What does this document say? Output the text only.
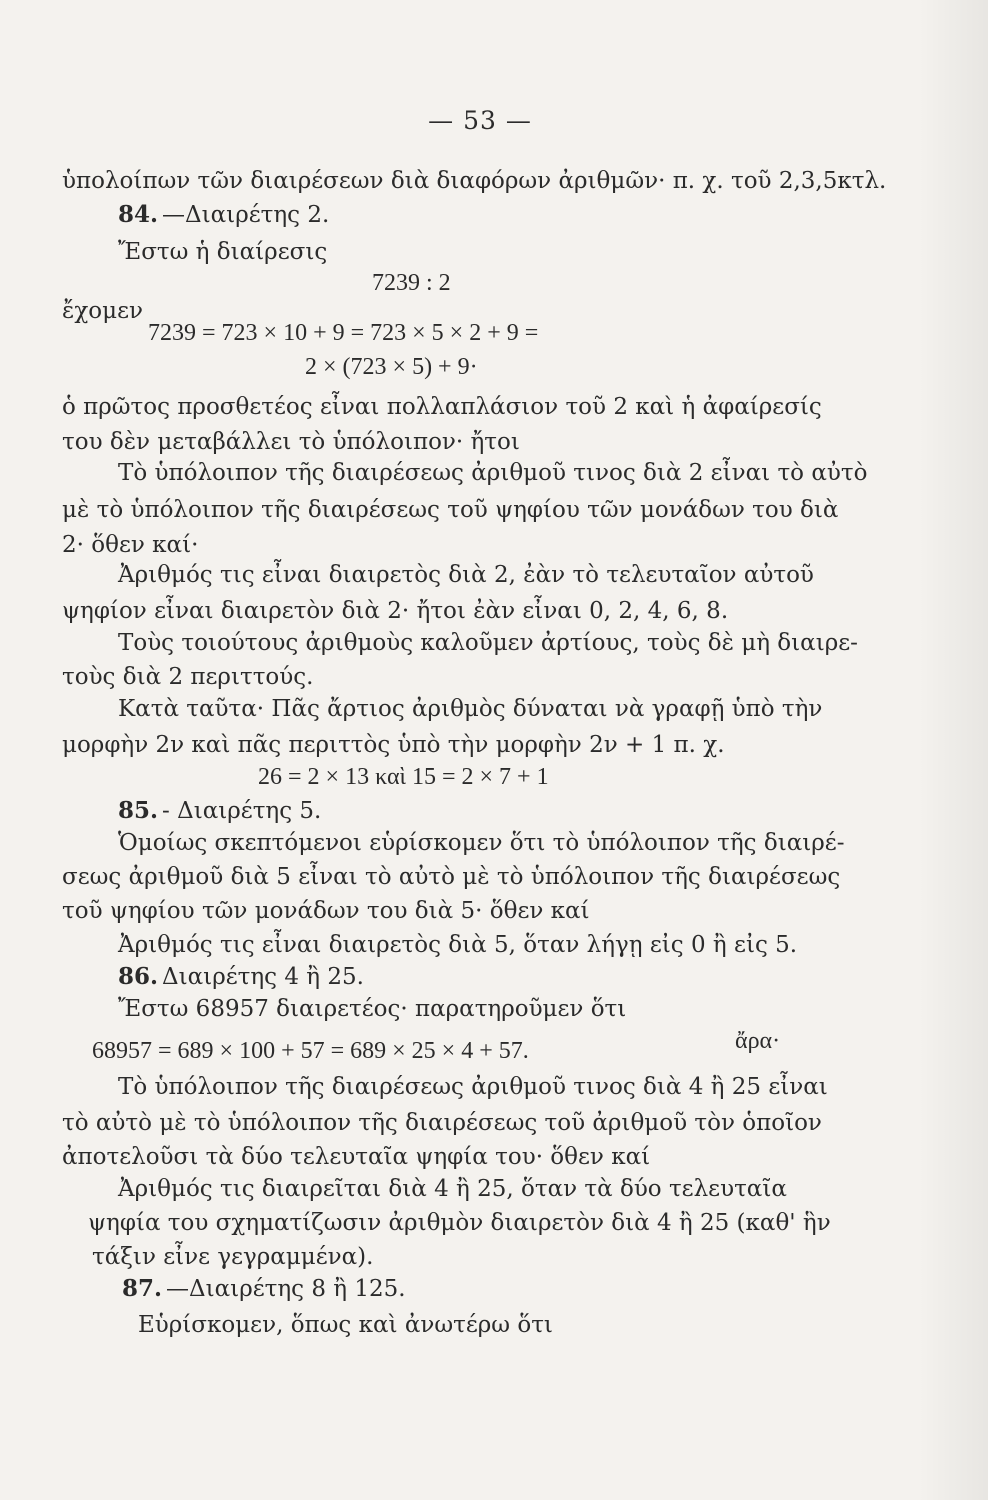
— 53 —
ὑπολοίπων τῶν διαιρέσεων διὰ διαφόρων ἀριθμῶν· π. χ. τοῦ 2,3,5κτλ.
84. —Διαιρέτης 2.
Ἔστω ἡ διαίρεσις
7239 : 2
ἔχομεν
7239 = 723 × 10 + 9 = 723 × 5 × 2 + 9 =
2 × (723 × 5) + 9·
ὁ πρῶτος προσθετέος εἶναι πολλαπλάσιον τοῦ 2 καὶ ἡ ἀφαίρεσίς
του δὲν μεταβάλλει τὸ ὑπόλοιπον· ἤτοι
Τὸ ὑπόλοιπον τῆς διαιρέσεως ἀριθμοῦ τινος διὰ 2 εἶναι τὸ αὐτὸ
μὲ τὸ ὑπόλοιπον τῆς διαιρέσεως τοῦ ψηφίου τῶν μονάδων του διὰ
2· ὅθεν καί·
Ἀριθμός τις εἶναι διαιρετὸς διὰ 2, ἐὰν τὸ τελευταῖον αὐτοῦ
ψηφίον εἶναι διαιρετὸν διὰ 2· ἤτοι ἐὰν εἶναι 0, 2, 4, 6, 8.
Τοὺς τοιούτους ἀριθμοὺς καλοῦμεν ἀρτίους, τοὺς δὲ μὴ διαιρε-
τοὺς διὰ 2 περιττούς.
Κατὰ ταῦτα· Πᾶς ἄρτιος ἀριθμὸς δύναται νὰ γραφῇ ὑπὸ τὴν
μορφὴν 2ν καὶ πᾶς περιττὸς ὑπὸ τὴν μορφὴν 2ν + 1 π. χ.
26 = 2 × 13 καὶ 15 = 2 × 7 + 1
85. - Διαιρέτης 5.
Ὁμοίως σκεπτόμενοι εὑρίσκομεν ὅτι τὸ ὑπόλοιπον τῆς διαιρέ-
σεως ἀριθμοῦ διὰ 5 εἶναι τὸ αὐτὸ μὲ τὸ ὑπόλοιπον τῆς διαιρέσεως
τοῦ ψηφίου τῶν μονάδων του διὰ 5· ὅθεν καί
Ἀριθμός τις εἶναι διαιρετὸς διὰ 5, ὅταν λήγῃ εἰς 0 ἢ εἰς 5.
86. Διαιρέτης 4 ἢ 25.
Ἔστω 68957 διαιρετέος· παρατηροῦμεν ὅτι
68957 = 689 × 100 + 57 = 689 × 25 × 4 + 57.	ἄρα·
Τὸ ὑπόλοιπον τῆς διαιρέσεως ἀριθμοῦ τινος διὰ 4 ἢ 25 εἶναι
τὸ αὐτὸ μὲ τὸ ὑπόλοιπον τῆς διαιρέσεως τοῦ ἀριθμοῦ τὸν ὁποῖον
ἀποτελοῦσι τὰ δύο τελευταῖα ψηφία του· ὅθεν καί
Ἀριθμός τις διαιρεῖται διὰ 4 ἢ 25, ὅταν τὰ δύο τελευταῖα
ψηφία του σχηματίζωσιν ἀριθμὸν διαιρετὸν διὰ 4 ἢ 25 (καθ' ἣν
τάξιν εἶνε γεγραμμένα).
87. —Διαιρέτης 8 ἢ 125.
Εὑρίσκομεν, ὅπως καὶ ἀνωτέρω ὅτι
